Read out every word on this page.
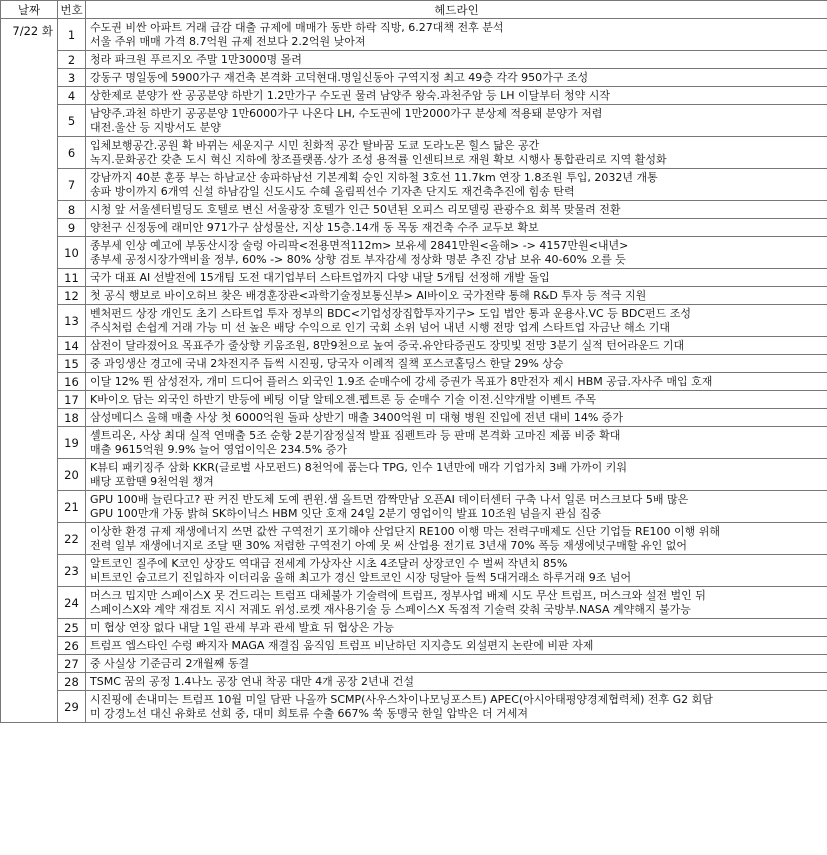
날짜	번호	헤드라인
7/22 화	1	수도권 비싼 아파트 거래 급감 대출 규제에 매매가 동반 하락 직방, 6.27대책 전후 분석
서울 주위 매매 가격 8.7억원 규제 전보다 2.2억원 낮아져

	2	청라 파크원 푸르지오 주말 1만3000명 몰려

	3	강동구 명일동에 5900가구 재건축 본격화 고덕현대.명일신동아 구역지정 최고 49층 각각 950가구 조성

	4	상한제로 분양가 싼 공공분양 하반기 1.2만가구 수도권 물려 남양주 왕숙.과천주암 등 LH 이달부터 청약 시작

	5	남양주.과천 하반기 공공분양 1만6000가구 나온다 LH, 수도권에 1만2000가구 분상제 적용돼 분양가 저렴
대전.울산 등 지방서도 분양

	6	입체보행공간.공원 확 바뀌는 세운지구 시민 친화적 공간 탈바꿈 도쿄 도라노몬 힐스 닮은 공간
녹지.문화공간 갖춘 도시 혁신 지하에 창조플랫폼.상가 조성 용적률 인센티브로 재원 확보 시행사 통합관리로 지역 활성화

	7	강남까지 40분 훈풍 부는 하남교산 송파하남선 기본계획 승인 지하철 3호선 11.7km 연장 1.8조원 투입, 2032년 개통
송파 방이까지 6개역 신설 하남감일 신도시도 수혜 올림픽선수 기자촌 단지도 재건축추진에 힘송 탄력

	8	시청 앞 서울센터빌딩도 호텔로 변신 서울광장 호텔가 인근 50년된 오피스 리모델링 관광수요 회복 맞물려 전환

	9	양천구 신정동에 래미안 971가구 삼성물산, 지상 15층.14개 동 목동 재건축 수주 교두보 확보

	10	종부세 인상 예고에 부동산시장 술렁 아리팍<전용면적112m> 보유세 2841만원<올해> -> 4157만원<내년>
종부세 공정시장가액비율 정부, 60% -> 80% 상향 검토 부자감세 정상화 명분 추진 강남 보유 40-60% 오를 듯

	11	국가 대표 AI 선발전에 15개팀 도전 대기업부터 스타트업까지 다양 내달 5개팀 선정해 개발 돌입

	12	첫 공식 행보로 바이오허브 찾은 배경훈장관<과학기술정보통신부> AI바이오 국가전략 통해 R&D 투자 등 적극 지원

	13	벤처펀드 상장 개인도 초기 스타트업 투자 정부의 BDC<기업성장집합투자기구> 도입 법안 통과 운용사.VC 등 BDC펀드 조성
주식처럼 손쉽게 거래 가능 미 선 높은 배당 수익으로 인기 국회 소위 넘어 내년 시행 전망 업계 스타트업 자금난 해소 기대

	14	삼전이 달라졌어요 목표주가 줄상향 키움조원, 8만9천으로 높여 증국.유안타증권도 장밋빛 전망 3분기 실적 턴어라운드 기대

	15	중 과잉생산 경고에 국내 2차전지주 듬썩 시진핑, 당국자 이례적 질책 포스코홀딩스 한달 29% 상승

	16	이달 12% 뛴 삼성전자, 개미 드디어 플러스 외국인 1.9조 순매수에 강세 증권가 목표가 8만전자 제시 HBM 공급.자사주 매입 호재

	17	K바이오 담는 외국인 하반기 반등에 베팅 이달 알테오젠.펩트론 등 순매수 기술 이전.신약개발 이벤트 주목

	18	삼성메디스 올해 매출 사상 첫 6000억원 돌파 상반기 매출 3400억원 미 대형 병원 진입에 전년 대비 14% 증가

	19	셀트리온, 사상 최대 실적 연매출 5조 순항 2분기잠정실적 발표 짐펜트라 등 판매 본격화 고마진 제품 비중 확대
매출 9615억원 9.9% 늘어 영업이익은 234.5% 증가

	20	K뷰티 패키징주 삼화 KKR(글로벌 사모펀드) 8천억에 품는다 TPG, 인수 1년만에 매각 기업가치 3배 가까이 키워
배당 포함땐 9천억원 챙겨

	21	GPU 100배 늘린다고? 판 커진 반도체 도예 퀸윈.샘 올트먼 깜짝만남 오픈AI 데이터센터 구축 나서 일론 머스크보다 5배 많은
GPU 100만개 가동 밝혀 SK하이닉스 HBM 잇단 호재 24일 2분기 영업이익 발표 10조원 넘을지 관심 집중

	22	이상한 환경 규제 재생에너지 쓰면 값싼 구역전기 포기해야 산업단지 RE100 이행 막는 전력구매제도 신단 기업들 RE100 이행 위해
전력 일부 재생에너지로 조달 땐 30% 저렴한 구역전기 아예 못 써 산업용 전기료 3년새 70% 폭등 재생에넛구매할 유인 없어

	23	알트코인 질주에 K코인 상장도 역대급 전세계 가상자산 시초 4조달러 상장코인 수 벌써 작년치 85%
비트코인 숨고르기 진입하자 이더리움 올해 최고가 경신 알트코인 시장 덩달아 들썩 5대거래소 하루거래 9조 넘어

	24	머스크 밉지만 스페이스X 못 건드리는 트럼프 대체불가 기술력에 트럼프, 정부사업 배제 시도 무산 트럼프, 머스크와 설전 벌인 뒤
스페이스X와 계약 재검토 지시 저궤도 위성.로켓 재사용기술 등 스페이스X 독점적 기술력 갖춰 국방부.NASA 계약해지 불가능

	25	미 협상 연장 없다 내달 1일 관세 부과 관세 발효 뒤 협상은 가능

	26	트럼프 엡스타인 수렁 빠지자 MAGA 재결집 움직임 트럼프 비난하던 지지층도 외설편지 논란에 비판 자제

	27	중 사실상 기준금리 2개월째 동결

	28	TSMC 꿈의 공정 1.4나노 공장 연내 착공 대만 4개 공장 2년내 건설

	29	시진핑에 손내미는 트럼프 10월 미일 담판 나올까 SCMP(사우스차이나모닝포스트) APEC(아시아태평양경제협력체) 전후 G2 회담
미 강경노선 대신 유화로 선회 중, 대미 희토류 수출 667% 쑥 동맹국 한일 압박은 더 거세져
